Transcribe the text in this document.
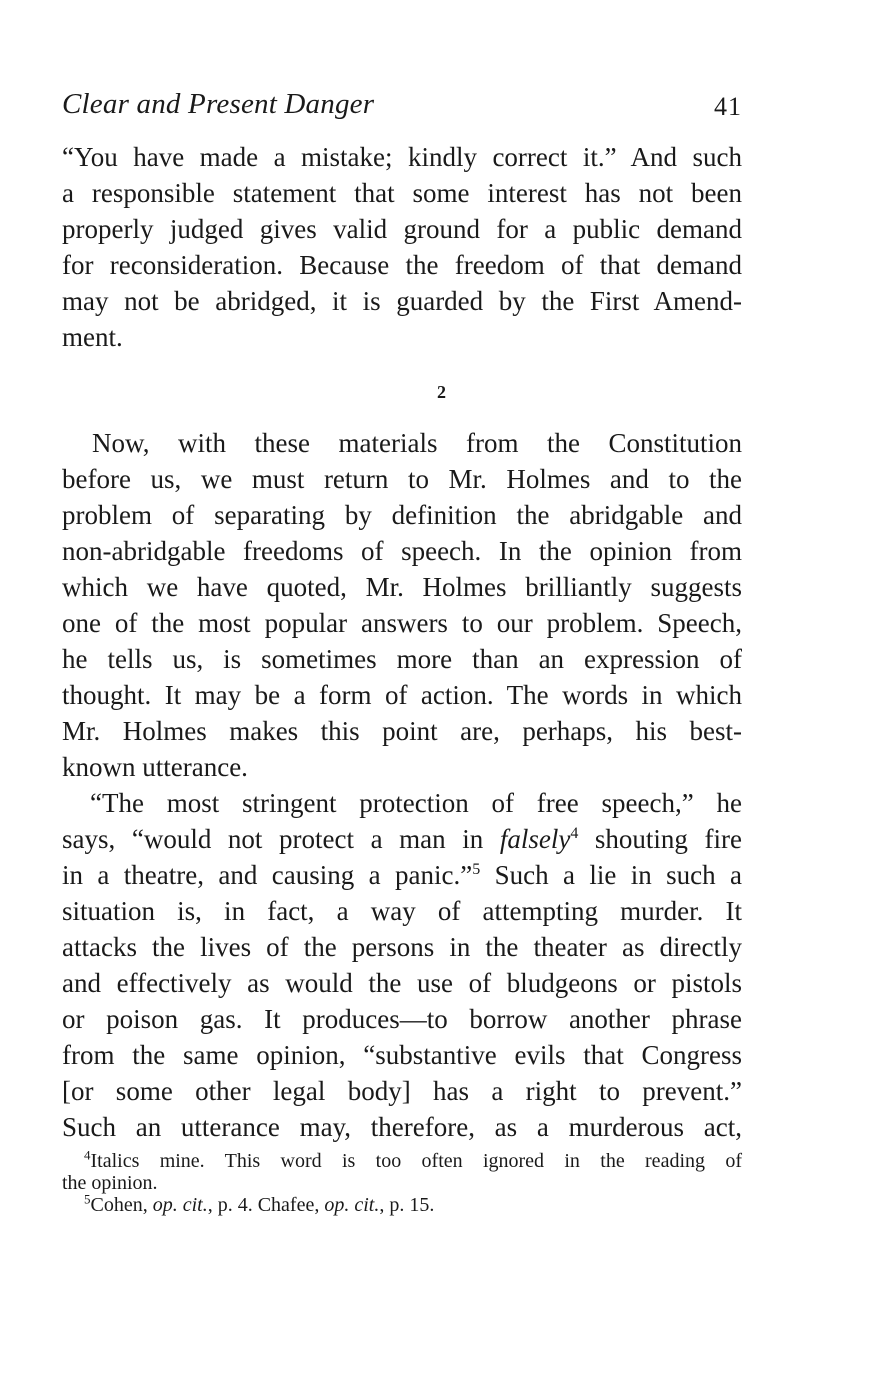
Clear and Present Danger	41
“You have made a mistake; kindly correct it.” And such
a responsible statement that some interest has not been
properly judged gives valid ground for a public demand
for reconsideration. Because the freedom of that demand
may not be abridged, it is guarded by the First Amend-
ment.
2
Now, with these materials from the Constitution
before us, we must return to Mr. Holmes and to the
problem of separating by definition the abridgable and
non-abridgable freedoms of speech. In the opinion from
which we have quoted, Mr. Holmes brilliantly suggests
one of the most popular answers to our problem. Speech,
he tells us, is sometimes more than an expression of
thought. It may be a form of action. The words in which
Mr. Holmes makes this point are, perhaps, his best-
known utterance.
“The most stringent protection of free speech,” he
says, “would not protect a man in falsely$^4$ shouting fire
in a theatre, and causing a panic.”$^5$ Such a lie in such a
situation is, in fact, a way of attempting murder. It
attacks the lives of the persons in the theater as directly
and effectively as would the use of bludgeons or pistols
or poison gas. It produces—to borrow another phrase
from the same opinion, “substantive evils that Congress
[or some other legal body] has a right to prevent.”
Such an utterance may, therefore, as a murderous act,
$^4$Italics mine. This word is too often ignored in the reading of
the opinion.
$^5$Cohen, op. cit., p. 4. Chafee, op. cit., p. 15.
